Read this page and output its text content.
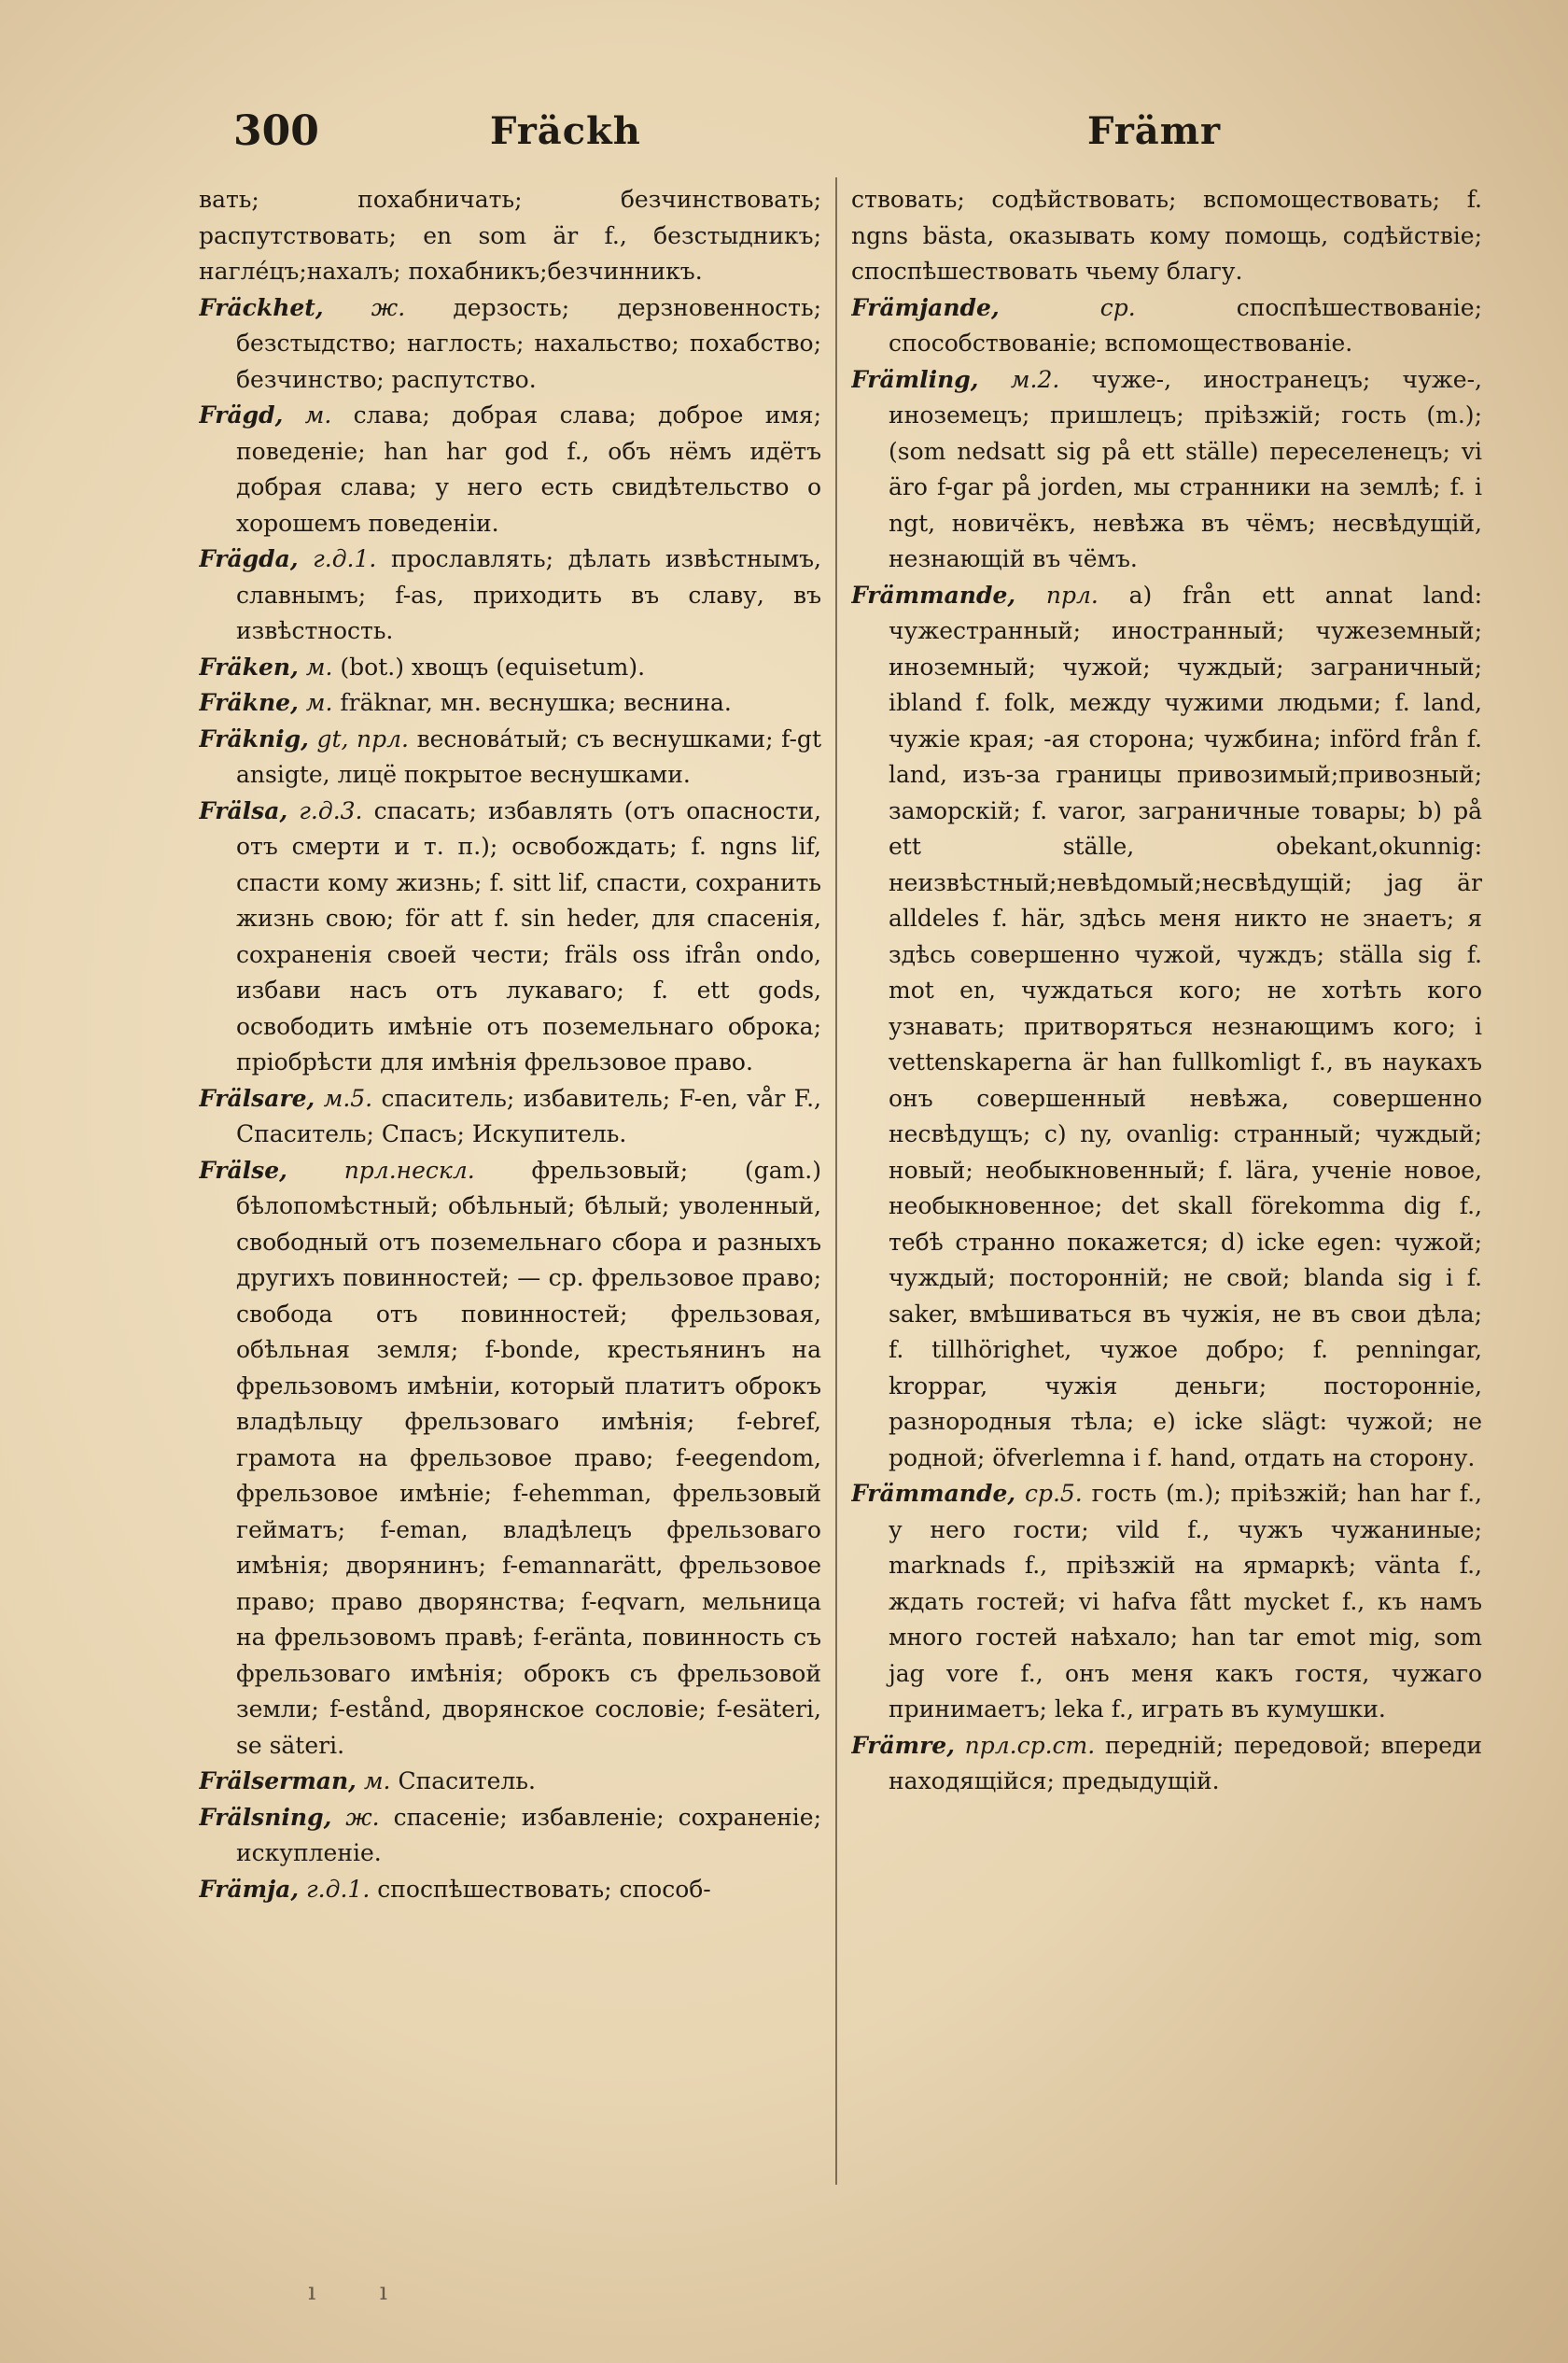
300	Fräckh	Främr

вать; похабничать; безчинствовать; распутствовать; en som är f., безстыдникъ; нагле́цъ;нахалъ; похабникъ;безчинникъ.

Fräckhet, ж. дерзость; дерзновенность; безстыдство; наглость; нахальство; похабство; безчинство; распутство.

Frägd, м. слава; добрая слава; доброе имя; поведеніе; han har god f., объ нёмъ идётъ добрая слава; у него есть свидѣтельство о хорошемъ поведеніи.

Frägda, г.д.1. прославлять; дѣлать извѣстнымъ, славнымъ; f-as, приходить въ славу, въ извѣстность.

Fräken, м. (bot.) хвощъ (equisetum).

Fräkne, м. fräknar, мн. веснушка; веснина.

Fräknig, gt, прл. веснова́тый; съ веснушками; f-gt ansigte, лицё покрытое веснушками.

Frälsa, г.д.3. спасать; избавлять (отъ опасности, отъ смерти и т. п.); освобождать; f. ngns lif, спасти кому жизнь; f. sitt lif, спасти, сохранить жизнь свою; för att f. sin heder, для спасенія, сохраненія своей чести; fräls oss ifrån ondo, избави насъ отъ лукаваго; f. ett gods, освободить имѣніе отъ поземельнаго оброка; пріобрѣсти для имѣнія фрельзовое право.

Frälsare, м.5. спаситель; избавитель; F-en, vår F., Спаситель; Спасъ; Искупитель.

Frälse, прл.нескл. фрельзовый; (gam.) бѣлопомѣстный; обѣльный; бѣлый; уволенный, свободный отъ поземельнаго сбора и разныхъ другихъ повинностей; — ср. фрельзовое право; свобода отъ повинностей; фрельзовая, обѣльная земля; f-bonde, крестьянинъ на фрельзовомъ имѣніи, который платитъ оброкъ владѣльцу фрельзоваго имѣнія; f-ebref, грамота на фрельзовое право; f-eegendom, фрельзовое имѣніе; f-ehemman, фрельзовый гейматъ; f-eman, владѣлецъ фрельзоваго имѣнія; дворянинъ; f-emannarätt, фрельзовое право; право дворянства; f-eqvarn, мельница на фрельзовомъ правѣ; f-eränta, повинность съ фрельзоваго имѣнія; оброкъ съ фрельзовой земли; f-estånd, дворянское сословіе; f-esäteri, se säteri.

Frälserman, м. Спаситель.

Frälsning, ж. спасеніе; избавленіе; сохраненіе; искупленіе.

Främja, г.д.1. споспѣшествовать; способ-

ствовать; содѣйствовать; вспомоществовать; f. ngns bästa, оказывать кому помощь, содѣйствіе; споспѣшествовать чьему благу.

Främjande,	ср.	споспѣшествованіе; способствованіе; вспомоществованіе.

Främling, м.2. чуже-, иностранецъ; чуже-, иноземецъ; пришлецъ; пріѣзжій; гость (m.); (som nedsatt sig på ett ställe) переселенецъ; vi äro f-gar på jorden, мы странники на землѣ; f. i ngt, новичёкъ, невѣжа въ чёмъ; несвѣдущій, незнающій въ чёмъ.

Främmande, прл. a) från ett annat land: чужестранный; иностранный; чужеземный; иноземный; чужой; чуждый; заграничный; ibland f. folk, между чужими людьми; f. land, чужіе края; -ая сторона; чужбина; införd från f. land, изъ-за границы привозимый;привозный; заморскій; f. varor, заграничные товары; b) på ett ställe, obekant,okunnig: неизвѣстный;невѣдомый;несвѣдущій; jag är alldeles f. här, здѣсь меня никто не знаетъ; я здѣсь совершенно чужой, чуждъ; ställa sig f. mot en, чуждаться кого; не хотѣть кого узнавать; притворяться незнающимъ кого; i vettenskaperna är han fullkomligt f., въ наукахъ онъ совершенный невѣжа, совершенно несвѣдущъ; c) ny, ovanlig: странный; чуждый; новый; необыкновенный; f. lära, ученіе новое, необыкновенное; det skall förekomma dig f., тебѣ странно покажется; d) icke egen: чужой; чуждый; посторонній; не свой; blanda sig i f. saker, вмѣшиваться въ чужія, не въ свои дѣла; f. tillhörighet, чужое добро; f. penningar, kroppar, чужія деньги; посторонніе, разнородныя тѣла; e) icke slägt: чужой; не родной; öfverlemna i f. hand, отдать на сторону.

Främmande, ср.5. гость (m.); пріѣзжій; han har f., у него гости; vild f., чужъ чужаниные; marknads f., пріѣзжій на ярмаркѣ; vänta f., ждать гостей; vi hafva fått mycket f., къ намъ много гостей наѣхало; han tar emot mig, som jag vore f., онъ меня какъ гостя, чужаго принимаетъ; leka f., играть въ кумушки.

Främre, прл.ср.ст. передній; передовой; впереди находящійся; предыдущій.

ı ı
